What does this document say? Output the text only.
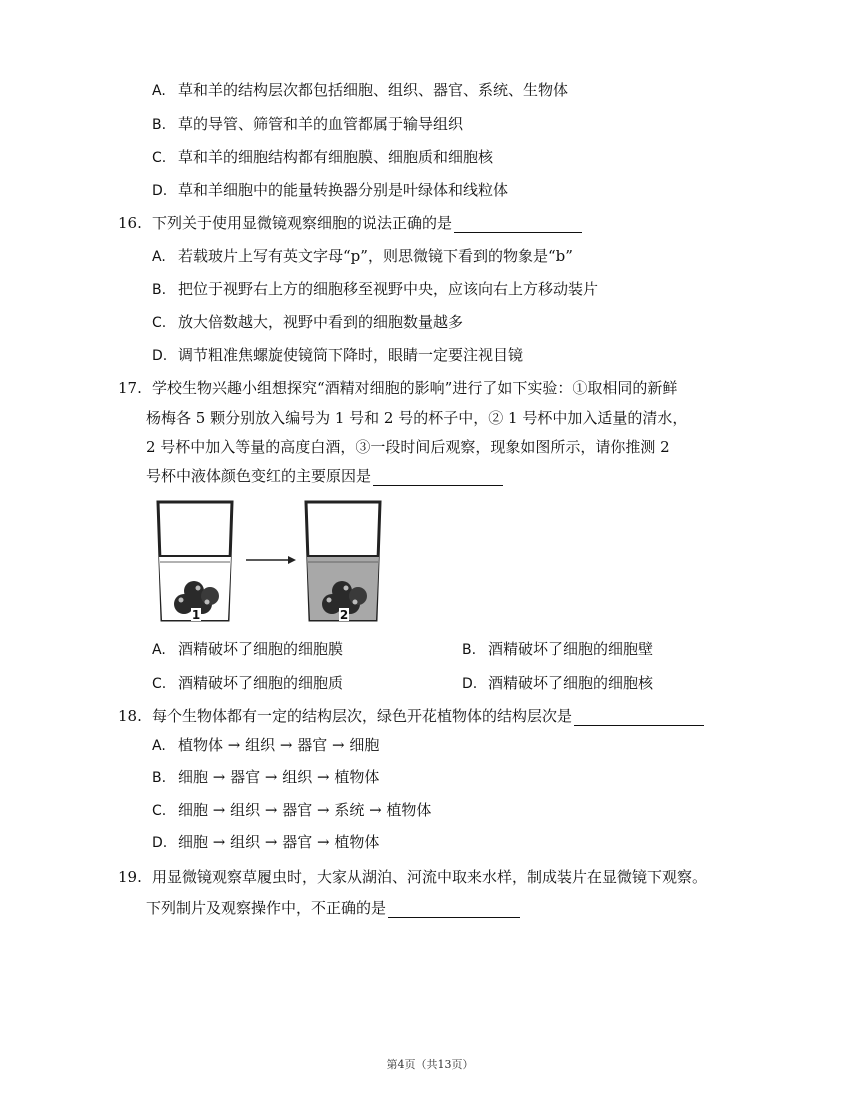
A. 草和羊的结构层次都包括细胞、组织、器官、系统、生物体
B. 草的导管、筛管和羊的血管都属于输导组织
C. 草和羊的细胞结构都有细胞膜、细胞质和细胞核
D. 草和羊细胞中的能量转换器分别是叶绿体和线粒体
16. 下列关于使用显微镜观察细胞的说法正确的是
A. 若载玻片上写有英文字母“p”，则思微镜下看到的物象是“b”
B. 把位于视野右上方的细胞移至视野中央，应该向右上方移动装片
C. 放大倍数越大，视野中看到的细胞数量越多
D. 调节粗准焦螺旋使镜筒下降时，眼睛一定要注视目镜
17. 学校生物兴趣小组想探究“酒精对细胞的影响”进行了如下实验：①取相同的新鲜
杨梅各 5 颗分别放入编号为 1 号和 2 号的杯子中，② 1 号杯中加入适量的清水，
2 号杯中加入等量的高度白酒，③一段时间后观察，现象如图所示，请你推测 2
号杯中液体颜色变红的主要原因是
1	2
A. 酒精破坏了细胞的细胞膜	B. 酒精破坏了细胞的细胞壁
C. 酒精破坏了细胞的细胞质	D. 酒精破坏了细胞的细胞核
18. 每个生物体都有一定的结构层次，绿色开花植物体的结构层次是
A. 植物体 → 组织 → 器官 → 细胞
B. 细胞 → 器官 → 组织 → 植物体
C. 细胞 → 组织 → 器官 → 系统 → 植物体
D. 细胞 → 组织 → 器官 → 植物体
19. 用显微镜观察草履虫时，大家从湖泊、河流中取来水样，制成装片在显微镜下观察。
下列制片及观察操作中，不正确的是
第4页（共13页）
